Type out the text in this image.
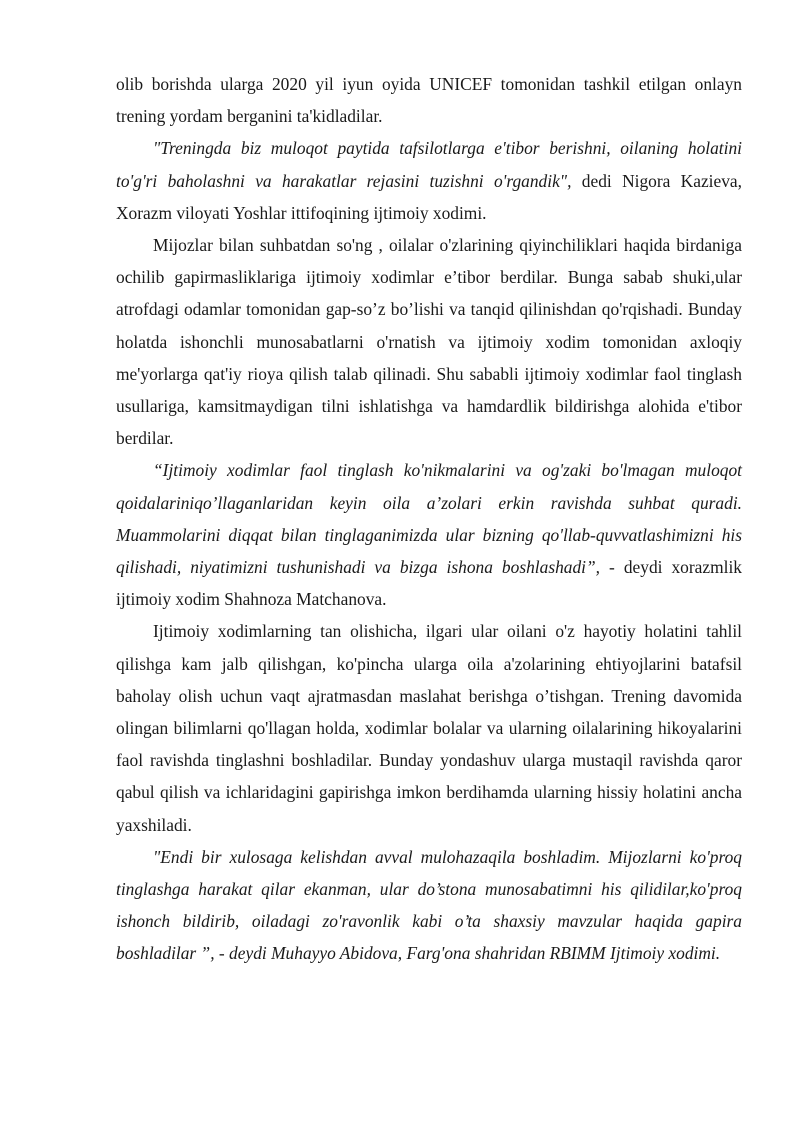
olib borishda ularga 2020 yil iyun oyida UNICEF tomonidan tashkil etilgan onlayn trening yordam berganini ta'kidladilar.

"Treningda biz muloqot paytida tafsilotlarga e'tibor berishni, oilaning holatini to'g'ri baholashni va harakatlar rejasini tuzishni o'rgandik", dedi Nigora Kazieva, Xorazm viloyati Yoshlar ittifoqining ijtimoiy xodimi.

Mijozlar bilan suhbatdan so'ng , oilalar o'zlarining qiyinchiliklari haqida birdaniga ochilib gapirmasliklariga ijtimoiy xodimlar e’tibor berdilar. Bunga sabab shuki,ular atrofdagi odamlar tomonidan gap-so’z bo’lishi va tanqid qilinishdan qo'rqishadi. Bunday holatda ishonchli munosabatlarni o'rnatish va ijtimoiy xodim tomonidan axloqiy me'yorlarga qat'iy rioya qilish talab qilinadi. Shu sababli ijtimoiy xodimlar faol tinglash usullariga, kamsitmaydigan tilni ishlatishga va hamdardlik bildirishga alohida e'tibor berdilar.

“Ijtimoiy xodimlar faol tinglash ko'nikmalarini va og'zaki bo'lmagan muloqot qoidalariniqo’llaganlaridan keyin oila a’zolari erkin ravishda suhbat quradi. Muammolarini diqqat bilan tinglaganimizda ular bizning qo'llab-quvvatlashimizni his qilishadi, niyatimizni tushunishadi va bizga ishona boshlashadi”, - deydi xorazmlik ijtimoiy xodim Shahnoza Matchanova.

Ijtimoiy xodimlarning tan olishicha, ilgari ular oilani o'z hayotiy holatini tahlil qilishga kam jalb qilishgan, ko'pincha ularga oila a'zolarining ehtiyojlarini batafsil baholay olish uchun vaqt ajratmasdan maslahat berishga o’tishgan. Trening davomida olingan bilimlarni qo'llagan holda, xodimlar bolalar va ularning oilalarining hikoyalarini faol ravishda tinglashni boshladilar. Bunday yondashuv ularga mustaqil ravishda qaror qabul qilish va ichlaridagini gapirishga imkon berdihamda ularning hissiy holatini ancha yaxshiladi.

"Endi bir xulosaga kelishdan avval mulohazaqila boshladim. Mijozlarni ko'proq tinglashga harakat qilar ekanman, ular do’stona munosabatimni his qilidilar,ko'proq ishonch bildirib, oiladagi zo'ravonlik kabi o’ta shaxsiy mavzular haqida gapira boshladilar ”, - deydi Muhayyo Abidova, Farg'ona shahridan RBIMM Ijtimoiy xodimi.
